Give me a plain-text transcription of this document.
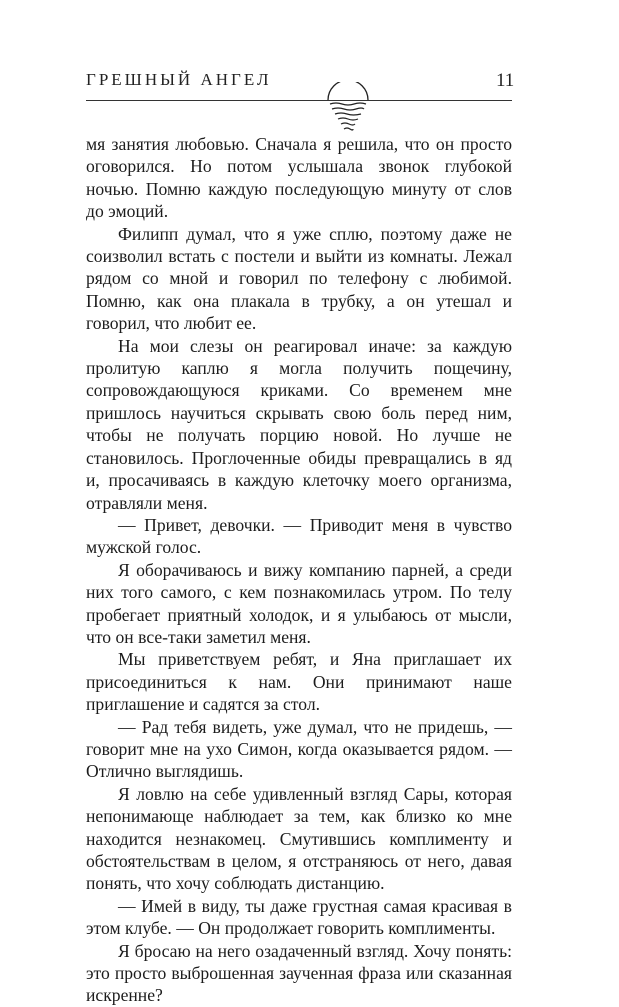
ГРЕШНЫЙ АНГЕЛ	11

мя занятия любовью. Сначала я решила, что он просто оговорился. Но потом услышала звонок глубокой ночью. Помню каждую последующую минуту от слов до эмоций.

Филипп думал, что я уже сплю, поэтому даже не соизволил встать с постели и выйти из комнаты. Лежал рядом со мной и говорил по телефону с любимой. Помню, как она плакала в трубку, а он утешал и говорил, что любит ее.

На мои слезы он реагировал иначе: за каждую пролитую каплю я могла получить пощечину, сопровождающуюся криками. Со временем мне пришлось научиться скрывать свою боль перед ним, чтобы не получать порцию новой. Но лучше не становилось. Проглоченные обиды превращались в яд и, просачиваясь в каждую клеточку моего организма, отравляли меня.

— Привет, девочки. — Приводит меня в чувство мужской голос.

Я оборачиваюсь и вижу компанию парней, а среди них того самого, с кем познакомилась утром. По телу пробегает приятный холодок, и я улыбаюсь от мысли, что он все-таки заметил меня.

Мы приветствуем ребят, и Яна приглашает их присоединиться к нам. Они принимают наше приглашение и садятся за стол.

— Рад тебя видеть, уже думал, что не придешь, — говорит мне на ухо Симон, когда оказывается рядом. — Отлично выглядишь.

Я ловлю на себе удивленный взгляд Сары, которая непонимающе наблюдает за тем, как близко ко мне находится незнакомец. Смутившись комплименту и обстоятельствам в целом, я отстраняюсь от него, давая понять, что хочу соблюдать дистанцию.

— Имей в виду, ты даже грустная самая красивая в этом клубе. — Он продолжает говорить комплименты.

Я бросаю на него озадаченный взгляд. Хочу понять: это просто выброшенная заученная фраза или сказанная искренне?
